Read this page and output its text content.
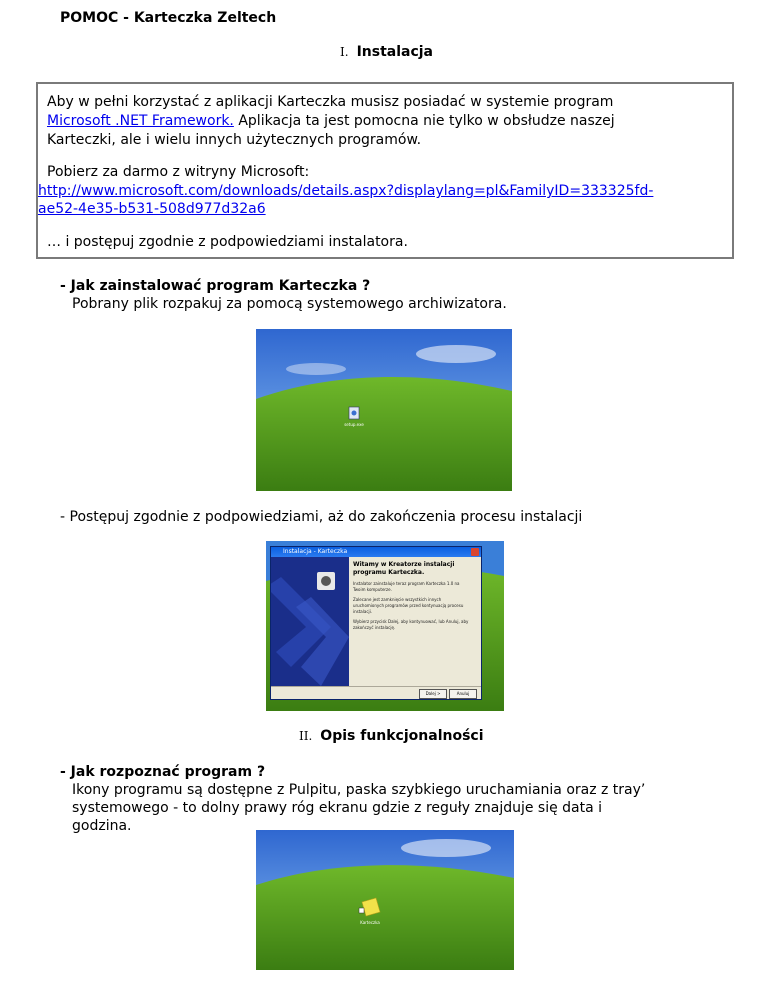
POMOC - Karteczka Zeltech
I. Instalacja
Aby w pełni korzystać z aplikacji Karteczka musisz posiadać w systemie program
Microsoft .NET Framework. Aplikacja ta jest pomocna nie tylko w obsłudze naszej
Karteczki, ale i wielu innych użytecznych programów.
Pobierz za darmo z witryny Microsoft:
http://www.microsoft.com/downloads/details.aspx?displaylang=pl&FamilyID=333325fd-
ae52-4e35-b531-508d977d32a6
… i postępuj zgodnie z podpowiedziami instalatora.
- Jak zainstalować program Karteczka ?
Pobrany plik rozpakuj za pomocą systemowego archiwizatora.
setup.exe
- Postępuj zgodnie z podpowiedziami, aż do zakończenia procesu instalacji
Instalacja - Karteczka
Witamy w Kreatorze instalacji programu Karteczka.
Instalator zainstaluje teraz program Karteczka 1.0 na Twoim komputerze.
Zalecane jest zamknięcie wszystkich innych uruchomionych programów przed kontynuacją procesu instalacji.
Wybierz przycisk Dalej, aby kontynuować, lub Anuluj, aby zakończyć instalację.
Dalej >	Anuluj
II. Opis funkcjonalności
- Jak rozpoznać program ?
Ikony programu są dostępne z Pulpitu, paska szybkiego uruchamiania oraz z tray’
systemowego - to dolny prawy róg ekranu gdzie z reguły znajduje się data i
godzina.
Karteczka
